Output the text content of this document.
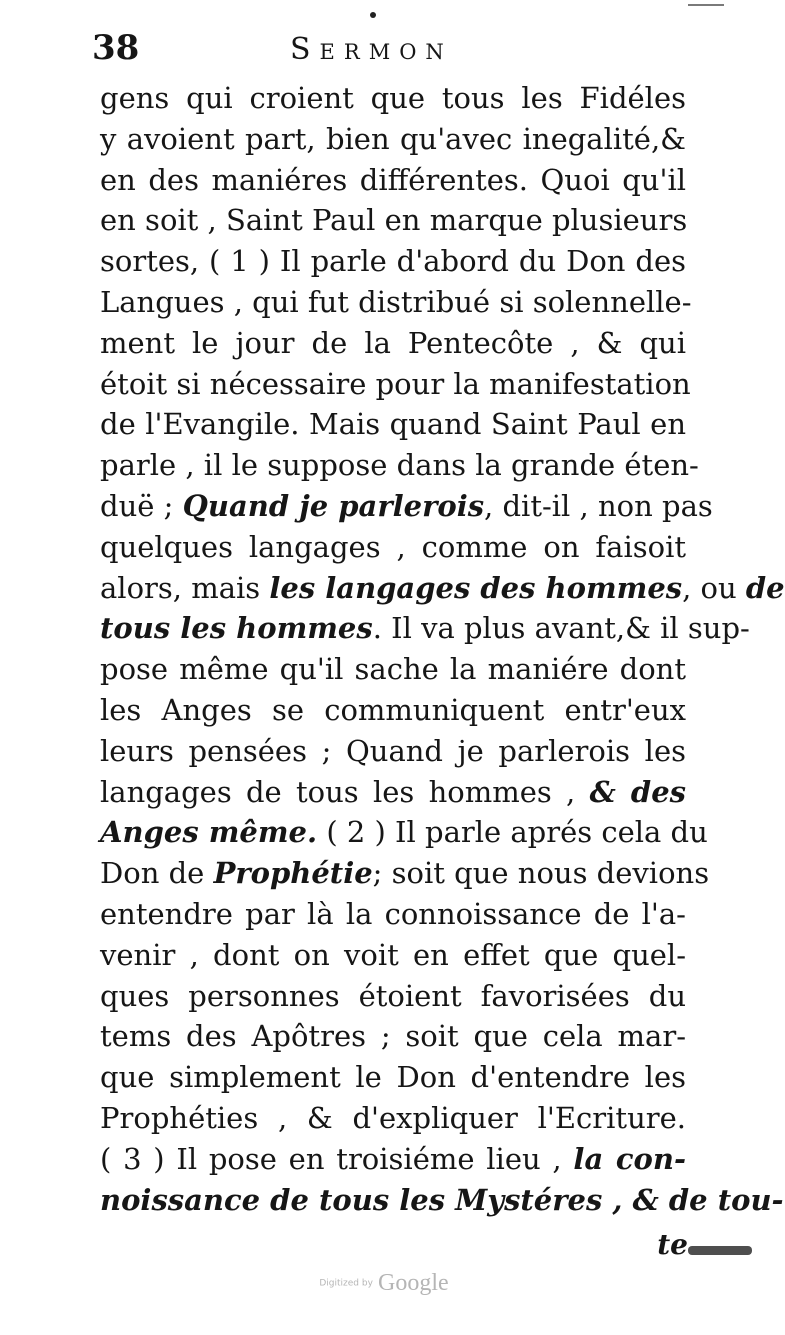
38	Sermon
gens qui croient que tous les Fidéles
y avoient part, bien qu'avec inegalité,&
en des maniéres différentes. Quoi qu'il
en soit , Saint Paul en marque plusieurs
sortes, ( 1 ) Il parle d'abord du Don des
Langues , qui fut distribué si solennelle-
ment le jour de la Pentecôte , & qui
étoit si nécessaire pour la manifestation
de l'Evangile. Mais quand Saint Paul en
parle , il le suppose dans la grande éten-
duë ; Quand je parlerois, dit-il , non pas
quelques langages , comme on faisoit
alors, mais les langages des hommes, ou de
tous les hommes. Il va plus avant,& il sup-
pose même qu'il sache la maniére dont
les Anges se communiquent entr'eux
leurs pensées ; Quand je parlerois les
langages de tous les hommes , & des
Anges même. ( 2 ) Il parle aprés cela du
Don de Prophétie; soit que nous devions
entendre par là la connoissance de l'a-
venir , dont on voit en effet que quel-
ques personnes étoient favorisées du
tems des Apôtres ; soit que cela mar-
que simplement le Don d'entendre les
Prophéties , & d'expliquer l'Ecriture.
( 3 ) Il pose en troisiéme lieu , la con-
noissance de tous les Mystéres , & de tou-
te
Digitized by Google
